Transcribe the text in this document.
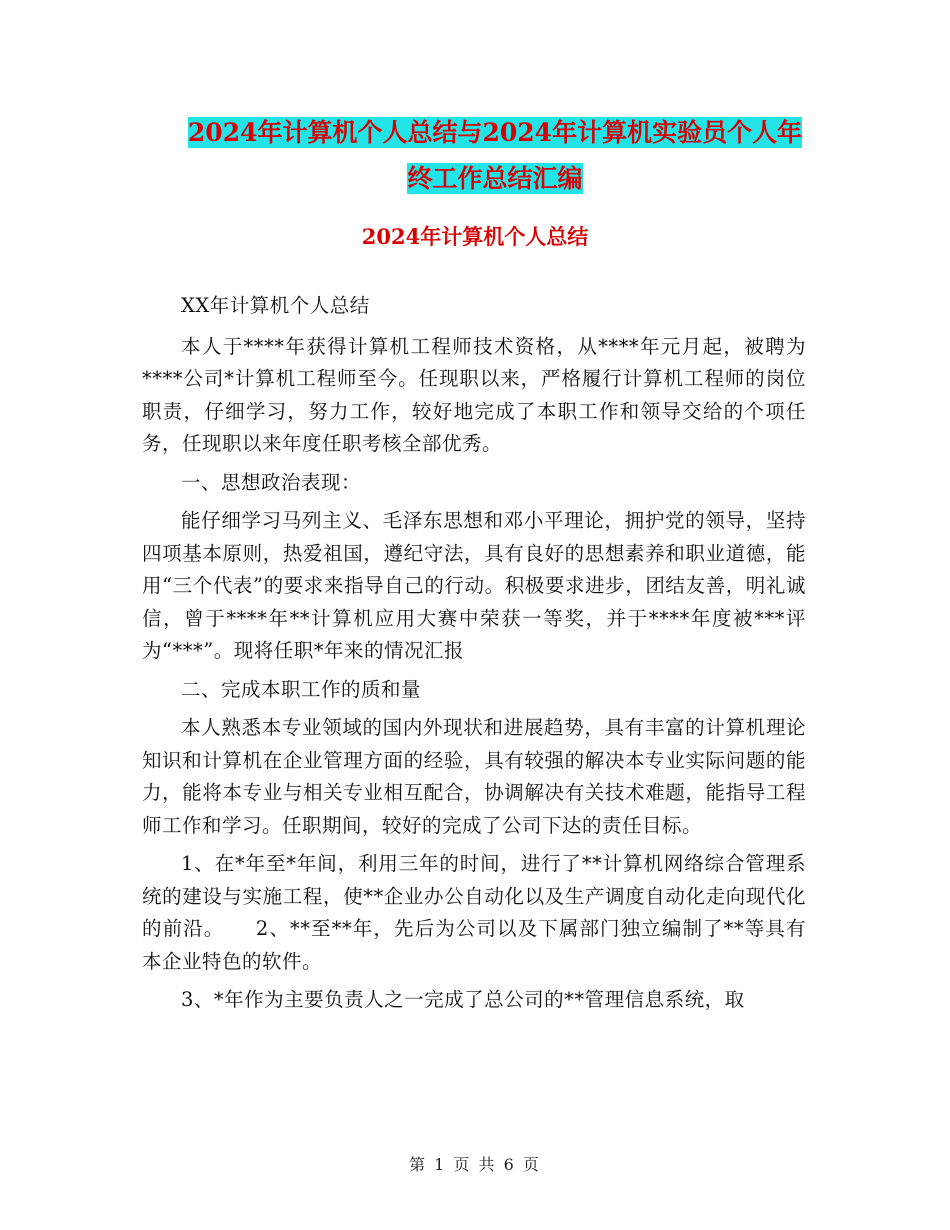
2024年计算机个人总结与2024年计算机实验员个人年
终工作总结汇编
2024年计算机个人总结

XX年计算机个人总结

本人于****年获得计算机工程师技术资格，从****年元月起，被聘为****公司*计算机工程师至今。任现职以来，严格履行计算机工程师的岗位职责，仔细学习，努力工作，较好地完成了本职工作和领导交给的个项任务，任现职以来年度任职考核全部优秀。

一、思想政治表现：

能仔细学习马列主义、毛泽东思想和邓小平理论，拥护党的领导，坚持四项基本原则，热爱祖国，遵纪守法，具有良好的思想素养和职业道德，能用“三个代表”的要求来指导自己的行动。积极要求进步，团结友善，明礼诚信，曾于****年**计算机应用大赛中荣获一等奖，并于****年度被***评为“***”。现将任职*年来的情况汇报

二、完成本职工作的质和量

本人熟悉本专业领域的国内外现状和进展趋势，具有丰富的计算机理论知识和计算机在企业管理方面的经验，具有较强的解决本专业实际问题的能力，能将本专业与相关专业相互配合，协调解决有关技术难题，能指导工程师工作和学习。任职期间，较好的完成了公司下达的责任目标。

1、在*年至*年间，利用三年的时间，进行了**计算机网络综合管理系统的建设与实施工程，使**企业办公自动化以及生产调度自动化走向现代化的前沿。　　2、**至**年，先后为公司以及下属部门独立编制了**等具有本企业特色的软件。

3、*年作为主要负责人之一完成了总公司的**管理信息系统，取

第 1 页 共 6 页
